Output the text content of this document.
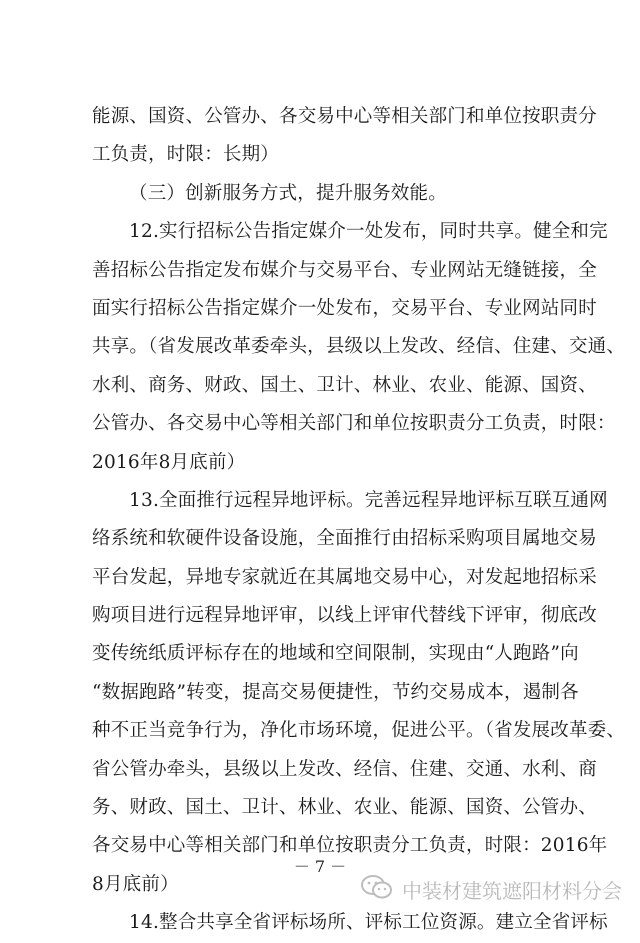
能源、国资、公管办、各交易中心等相关部门和单位按职责分
工负责，时限：长期）
（三）创新服务方式，提升服务效能。
12.实行招标公告指定媒介一处发布，同时共享。健全和完
善招标公告指定发布媒介与交易平台、专业网站无缝链接，全
面实行招标公告指定媒介一处发布，交易平台、专业网站同时
共享。（省发展改革委牵头，县级以上发改、经信、住建、交通、
水利、商务、财政、国土、卫计、林业、农业、能源、国资、
公管办、各交易中心等相关部门和单位按职责分工负责，时限：
2016年8月底前）
13.全面推行远程异地评标。完善远程异地评标互联互通网
络系统和软硬件设备设施，全面推行由招标采购项目属地交易
平台发起，异地专家就近在其属地交易中心，对发起地招标采
购项目进行远程异地评审，以线上评审代替线下评审，彻底改
变传统纸质评标存在的地域和空间限制，实现由“人跑路”向
“数据跑路”转变，提高交易便捷性，节约交易成本，遏制各
种不正当竞争行为，净化市场环境，促进公平。（省发展改革委、
省公管办牵头，县级以上发改、经信、住建、交通、水利、商
务、财政、国土、卫计、林业、农业、能源、国资、公管办、
各交易中心等相关部门和单位按职责分工负责，时限：2016年
8月底前）
14.整合共享全省评标场所、评标工位资源。建立全省评标
－ 7 －
中装材建筑遮阳材料分会
